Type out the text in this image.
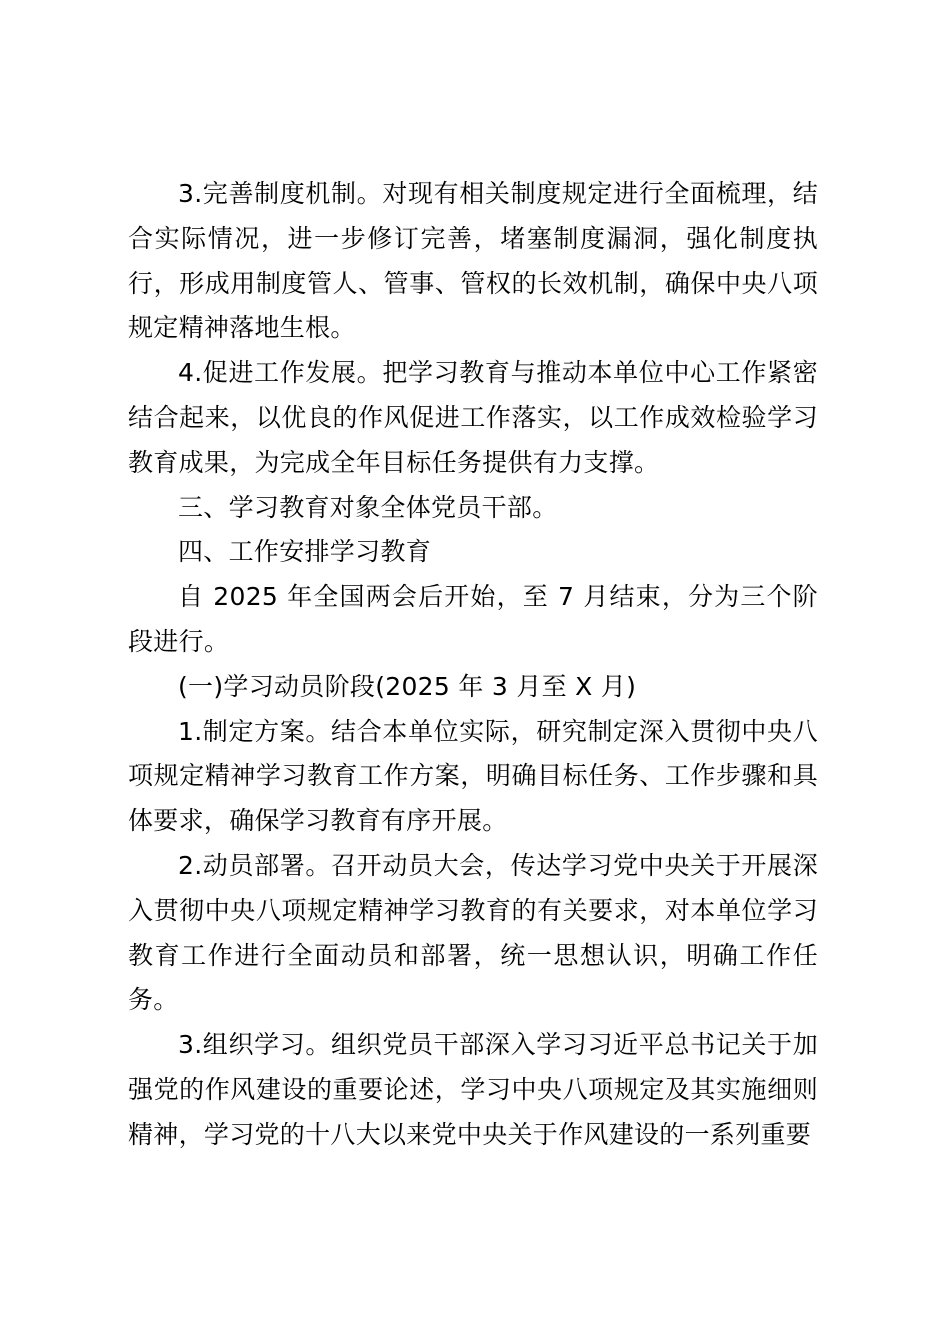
3.完善制度机制。对现有相关制度规定进行全面梳理，结合实际情况，进一步修订完善，堵塞制度漏洞，强化制度执行，形成用制度管人、管事、管权的长效机制，确保中央八项规定精神落地生根。

4.促进工作发展。把学习教育与推动本单位中心工作紧密结合起来，以优良的作风促进工作落实，以工作成效检验学习教育成果，为完成全年目标任务提供有力支撑。

三、学习教育对象全体党员干部。

四、工作安排学习教育

自 2025 年全国两会后开始，至 7 月结束，分为三个阶段进行。

(一)学习动员阶段(2025 年 3 月至 X 月)

1.制定方案。结合本单位实际，研究制定深入贯彻中央八项规定精神学习教育工作方案，明确目标任务、工作步骤和具体要求，确保学习教育有序开展。

2.动员部署。召开动员大会，传达学习党中央关于开展深入贯彻中央八项规定精神学习教育的有关要求，对本单位学习教育工作进行全面动员和部署，统一思想认识，明确工作任务。

3.组织学习。组织党员干部深入学习习近平总书记关于加强党的作风建设的重要论述，学习中央八项规定及其实施细则精神，学习党的十八大以来党中央关于作风建设的一系列重要
